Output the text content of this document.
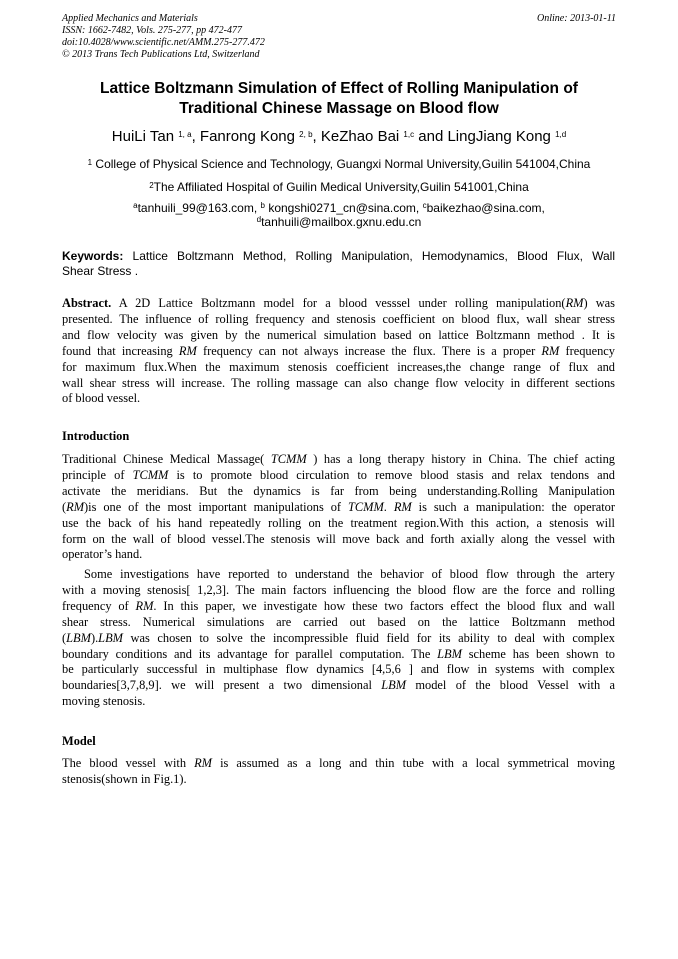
Applied Mechanics and Materials
ISSN: 1662-7482, Vols. 275-277, pp 472-477
doi:10.4028/www.scientific.net/AMM.275-277.472
© 2013 Trans Tech Publications Ltd, Switzerland
Online: 2013-01-11
Lattice Boltzmann Simulation of Effect of Rolling Manipulation of
Traditional Chinese Massage on Blood flow
HuiLi Tan $^{1, a}$, Fanrong Kong $^{2, b}$, KeZhao Bai $^{1,c}$ and LingJiang Kong $^{1,d}$
$^1$ College of Physical Science and Technology, Guangxi Normal University,Guilin 541004,China
$^2$The Affiliated Hospital of Guilin Medical University,Guilin 541001,China
$^a$tanhuili_99@163.com, $^b$ kongshi0271_cn@sina.com, $^c$baikezhao@sina.com,
$^d$tanhuili@mailbox.gxnu.edu.cn
Keywords: Lattice Boltzmann Method, Rolling Manipulation, Hemodynamics, Blood Flux, Wall
Shear Stress .
Abstract. A 2D Lattice Boltzmann model for a blood vesssel under rolling manipulation(RM) was
presented. The influence of rolling frequency and stenosis coefficient on blood flux, wall shear stress
and flow velocity was given by the numerical simulation based on lattice Boltzmann method . It is
found that increasing RM frequency can not always increase the flux. There is a proper RM frequency
for maximum flux.When the maximum stenosis coefficient increases,the change range of flux and
wall shear stress will increase. The rolling massage can also change flow velocity in different sections
of blood vessel.
Introduction
Traditional Chinese Medical Massage( TCMM ) has a long therapy history in China. The chief acting
principle of TCMM is to promote blood circulation to remove blood stasis and relax tendons and
activate the meridians. But the dynamics is far from being understanding.Rolling Manipulation
(RM)is one of the most important manipulations of TCMM. RM is such a manipulation: the operator
use the back of his hand repeatedly rolling on the treatment region.With this action, a stenosis will
form on the wall of blood vessel.The stenosis will move back and forth axially along the vessel with
operator’s hand.
Some investigations have reported to understand the behavior of blood flow through the artery
with a moving stenosis[ 1,2,3]. The main factors influencing the blood flow are the force and rolling
frequency of RM. In this paper, we investigate how these two factors effect the blood flux and wall
shear stress. Numerical simulations are carried out based on the lattice Boltzmann method
(LBM).LBM was chosen to solve the incompressible fluid field for its ability to deal with complex
boundary conditions and its advantage for parallel computation. The LBM scheme has been shown to
be particularly successful in multiphase flow dynamics [4,5,6 ] and flow in systems with complex
boundaries[3,7,8,9]. we will present a two dimensional LBM model of the blood Vessel with a
moving stenosis.
Model
The blood vessel with RM is assumed as a long and thin tube with a local symmetrical moving
stenosis(shown in Fig.1).
